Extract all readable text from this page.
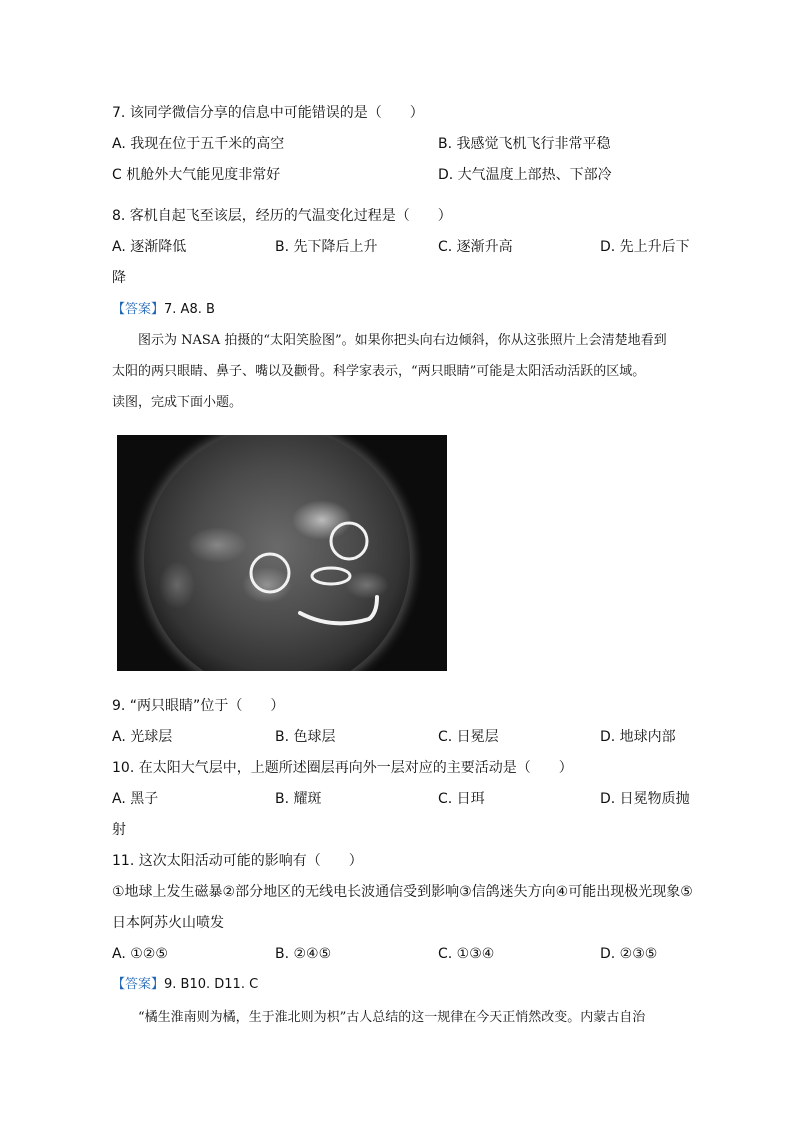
7. 该同学微信分享的信息中可能错误的是（　　）
A. 我现在位于五千米的高空	B. 我感觉飞机飞行非常平稳
C 机舱外大气能见度非常好	D. 大气温度上部热、下部冷
8. 客机自起飞至该层，经历的气温变化过程是（　　）
A. 逐渐降低	B. 先下降后上升	C. 逐渐升高	D. 先上升后下
降
【答案】7. A8. B
图示为 NASA 拍摄的“太阳笑脸图”。如果你把头向右边倾斜，你从这张照片上会清楚地看到
太阳的两只眼睛、鼻子、嘴以及颧骨。科学家表示，“两只眼睛”可能是太阳活动活跃的区域。
读图，完成下面小题。
9. “两只眼睛”位于（　　）
A. 光球层	B. 色球层	C. 日冕层	D. 地球内部
10. 在太阳大气层中，上题所述圈层再向外一层对应的主要活动是（　　）
A. 黑子	B. 耀斑	C. 日珥	D. 日冕物质抛
射
11. 这次太阳活动可能的影响有（　　）
①地球上发生磁暴②部分地区的无线电长波通信受到影响③信鸽迷失方向④可能出现极光现象⑤
日本阿苏火山喷发
A. ①②⑤	B. ②④⑤	C. ①③④	D. ②③⑤
【答案】9. B10. D11. C
“橘生淮南则为橘，生于淮北则为枳”古人总结的这一规律在今天正悄然改变。内蒙古自治
